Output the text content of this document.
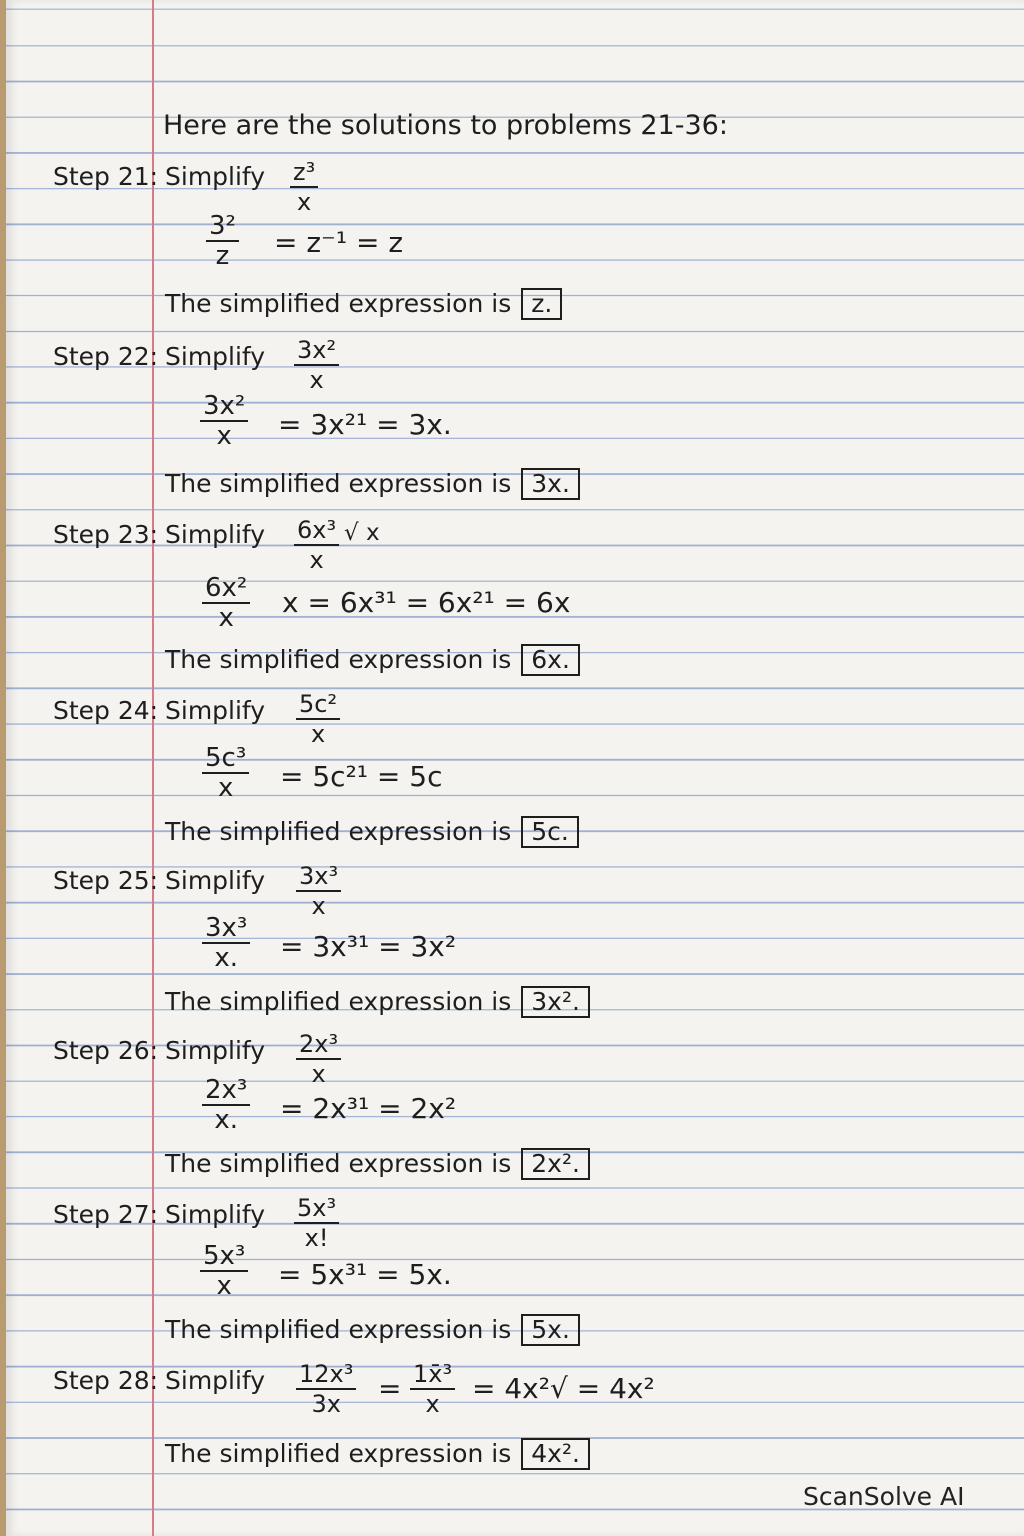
Here are the solutions to problems 21-36:
Step 21: Simplify $\frac{\text{z³}}{x}$
$\frac{\text{3²}}{z} = z^{-1} = z$
The simplified expression is z.
Step 22: Simplify $\frac{\text{3x²}}{x}$
$\frac{\text{3x²}}{x} = 3x^{21} = 3x$.
The simplified expression is 3x.
Step 23: Simplify $\frac{\text{6x³}}{x}$ √ x
$\frac{\text{6x²}}{x}$ x = 6x³¹ = 6x²¹ = 6x
The simplified expression is 6x.
Step 24: Simplify $\frac{\text{5c²}}{x}$
$\frac{\text{5c³}}{x} = 5c^{21} = 5c$
The simplified expression is 5c.
Step 25: Simplify $\frac{\text{3x³}}{x}$
$\frac{\text{3x³}}{x.} = 3x^{31} = 3x^2$
The simplified expression is 3x².
Step 26: Simplify $\frac{\text{2x³}}{x}$
$\frac{\text{2x³}}{x.} = 2x^{31} = 2x^2$
The simplified expression is 2x².
Step 27: Simplify $\frac{\text{5x³}}{x!}$
$\frac{\text{5x³}}{x} = 5x^{31} = 5x$.
The simplified expression is 5x.
Step 28: Simplify $\frac{\text{12x³}}{3x} = \frac{\text{1x̄³}}{x} = 4x^2√ = 4x^2$
The simplified expression is 4x².
ScanSolve AI
